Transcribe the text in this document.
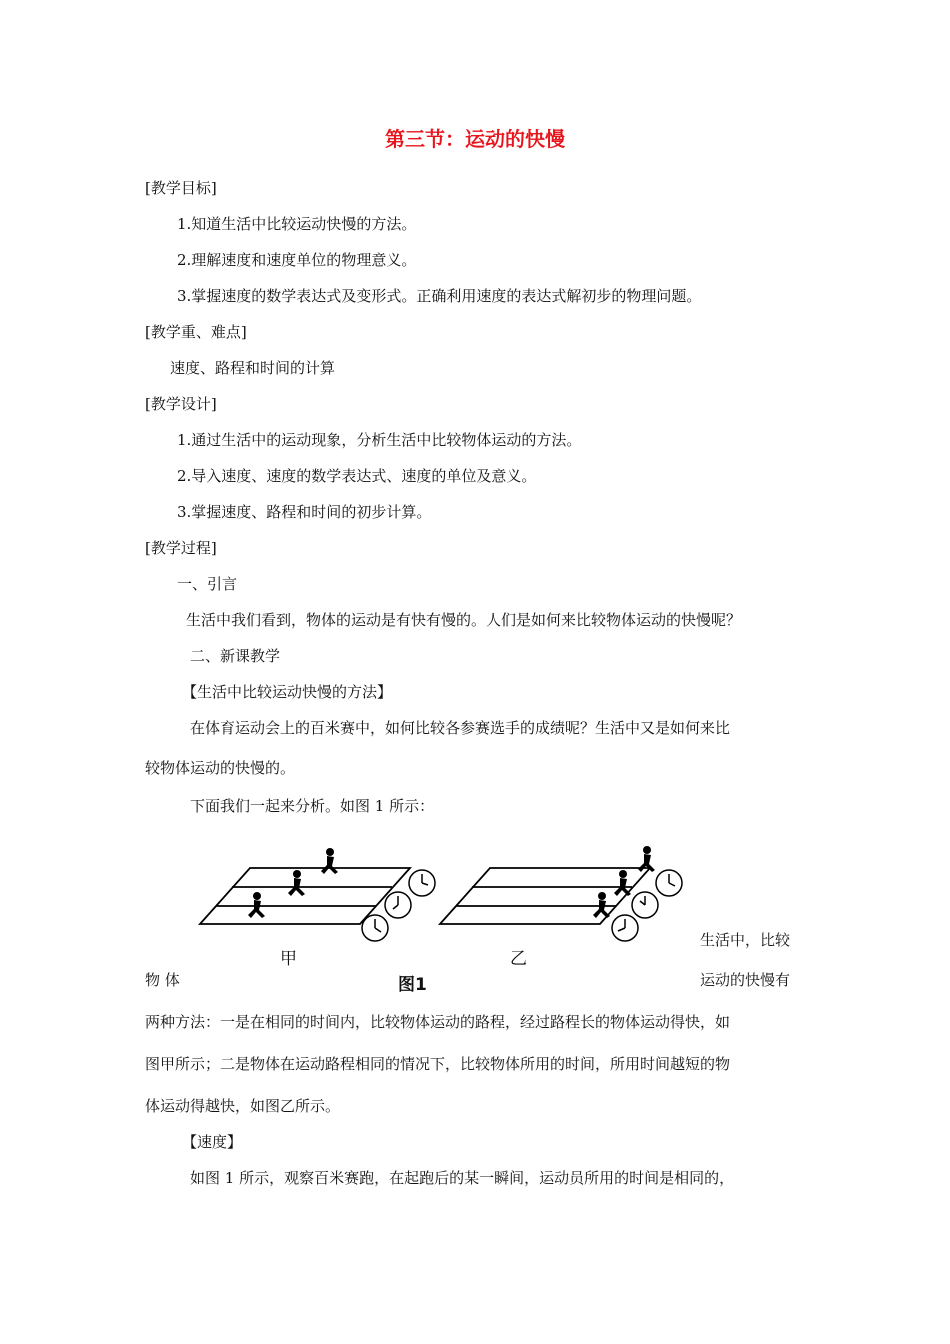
第三节：运动的快慢
[教学目标]
1.知道生活中比较运动快慢的方法。
2.理解速度和速度单位的物理意义。
3.掌握速度的数学表达式及变形式。正确利用速度的表达式解初步的物理问题。
[教学重、难点]
速度、路程和时间的计算
[教学设计]
1.通过生活中的运动现象，分析生活中比较物体运动的方法。
2.导入速度、速度的数学表达式、速度的单位及意义。
3.掌握速度、路程和时间的初步计算。
[教学过程]
一、引言
生活中我们看到，物体的运动是有快有慢的。人们是如何来比较物体运动的快慢呢？
二、新课教学
【生活中比较运动快慢的方法】
在体育运动会上的百米赛中，如何比较各参赛选手的成绩呢？生活中又是如何来比
较物体运动的快慢的。
下面我们一起来分析。如图 1 所示：
甲	乙
图1
生活中，比较
物 体	运动的快慢有
两种方法：一是在相同的时间内，比较物体运动的路程，经过路程长的物体运动得快，如
图甲所示；二是物体在运动路程相同的情况下，比较物体所用的时间，所用时间越短的物
体运动得越快，如图乙所示。
【速度】
如图 1 所示，观察百米赛跑，在起跑后的某一瞬间，运动员所用的时间是相同的，
